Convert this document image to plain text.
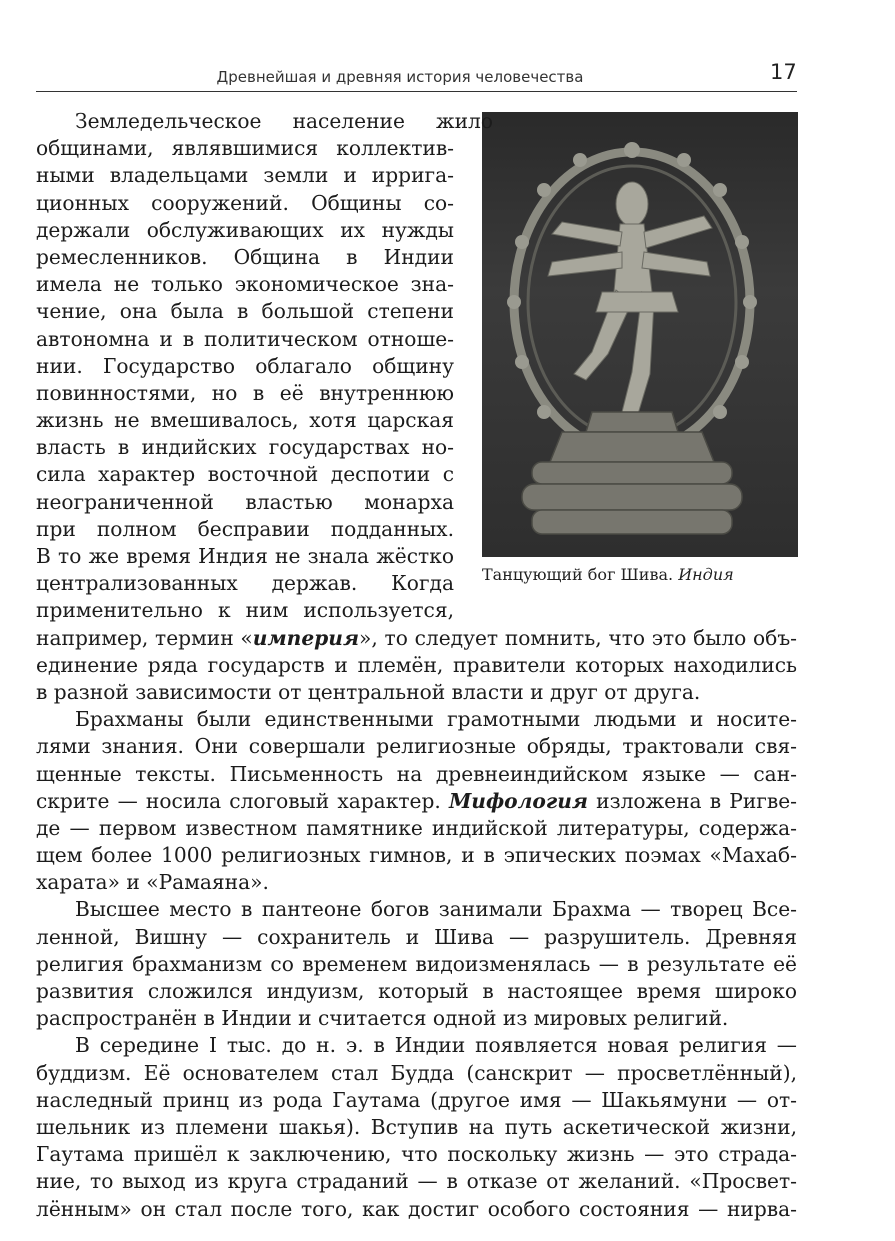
Древнейшая и древняя история человечества	17
Танцующий бог Шива. Индия
Земледельческое население жило
общинами, являвшимися коллектив-
ными владельцами земли и ирригa-
ционных сооружений. Общины со-
держали обслуживающих их нужды
ремесленников. Община в Индии
имела не только экономическое зна-
чение, она была в большой степени
автономна и в политическом отноше-
нии. Государство облагало общину
повинностями, но в её внутреннюю
жизнь не вмешивалось, хотя царская
власть в индийских государствах но-
сила характер восточной деспотии с
неограниченной властью монарха
при полном бесправии подданных.
В то же время Индия не знала жёстко
централизованных держав. Когда
применительно к ним используется,
например, термин «империя», то следует помнить, что это было объ-
единение ряда государств и племён, правители которых находились
в разной зависимости от центральной власти и друг от друга.
Брахманы были единственными грамотными людьми и носите-
лями знания. Они совершали религиозные обряды, трактовали свя-
щенные тексты. Письменность на древнеиндийском языке — сан-
скрите — носила слоговый характер. Мифология изложена в Ригве-
де — первом известном памятнике индийской литературы, содержа-
щем более 1000 религиозных гимнов, и в эпических поэмах «Махаб-
харата» и «Рамаяна».
Высшее место в пантеоне богов занимали Брахма — творец Все-
ленной, Вишну — сохранитель и Шива — разрушитель. Древняя
религия брахманизм со временем видоизменялась — в результате её
развития сложился индуизм, который в настоящее время широко
распространён в Индии и считается одной из мировых религий.
В середине I тыс. до н. э. в Индии появляется новая религия —
буддизм. Её основателем стал Будда (санскрит — просветлённый),
наследный принц из рода Гаутама (другое имя — Шакьямуни — от-
шельник из племени шакья). Вступив на путь аскетической жизни,
Гаутама пришёл к заключению, что поскольку жизнь — это страда-
ние, то выход из круга страданий — в отказе от желаний. «Просвет-
лённым» он стал после того, как достиг особого состояния — нирва-
